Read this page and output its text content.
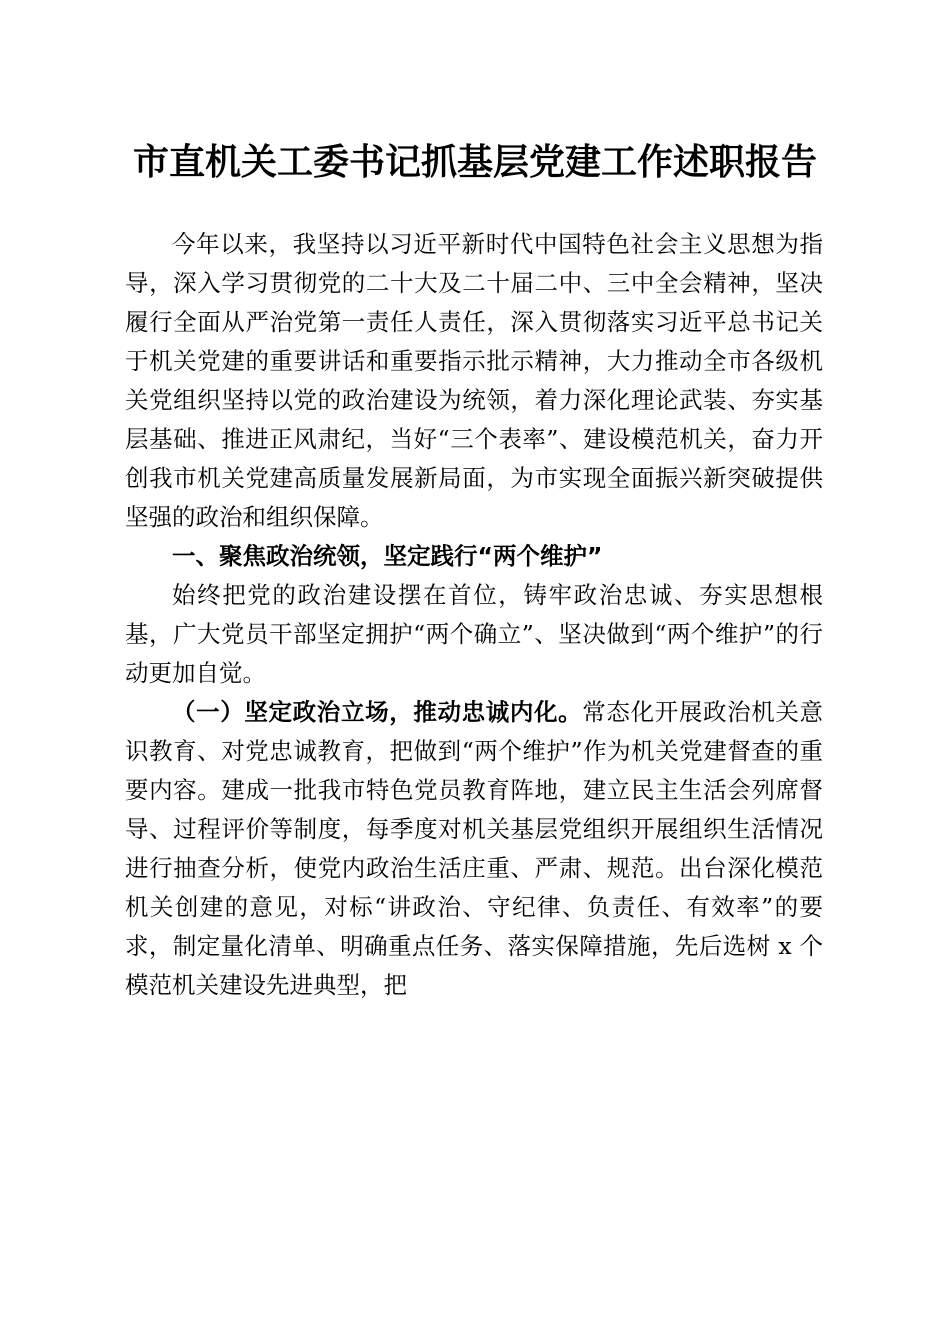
市直机关工委书记抓基层党建工作述职报告

今年以来，我坚持以习近平新时代中国特色社会主义思想为指导，深入学习贯彻党的二十大及二十届二中、三中全会精神，坚决履行全面从严治党第一责任人责任，深入贯彻落实习近平总书记关于机关党建的重要讲话和重要指示批示精神，大力推动全市各级机关党组织坚持以党的政治建设为统领，着力深化理论武装、夯实基层基础、推进正风肃纪，当好“三个表率”、建设模范机关，奋力开创我市机关党建高质量发展新局面，为市实现全面振兴新突破提供坚强的政治和组织保障。

一、聚焦政治统领，坚定践行“两个维护”

始终把党的政治建设摆在首位，铸牢政治忠诚、夯实思想根基，广大党员干部坚定拥护“两个确立”、坚决做到“两个维护”的行动更加自觉。

（一）坚定政治立场，推动忠诚内化。常态化开展政治机关意识教育、对党忠诚教育，把做到“两个维护”作为机关党建督查的重要内容。建成一批我市特色党员教育阵地，建立民主生活会列席督导、过程评价等制度，每季度对机关基层党组织开展组织生活情况进行抽查分析，使党内政治生活庄重、严肃、规范。出台深化模范机关创建的意见，对标“讲政治、守纪律、负责任、有效率”的要求，制定量化清单、明确重点任务、落实保障措施，先后选树 x 个模范机关建设先进典型，把
